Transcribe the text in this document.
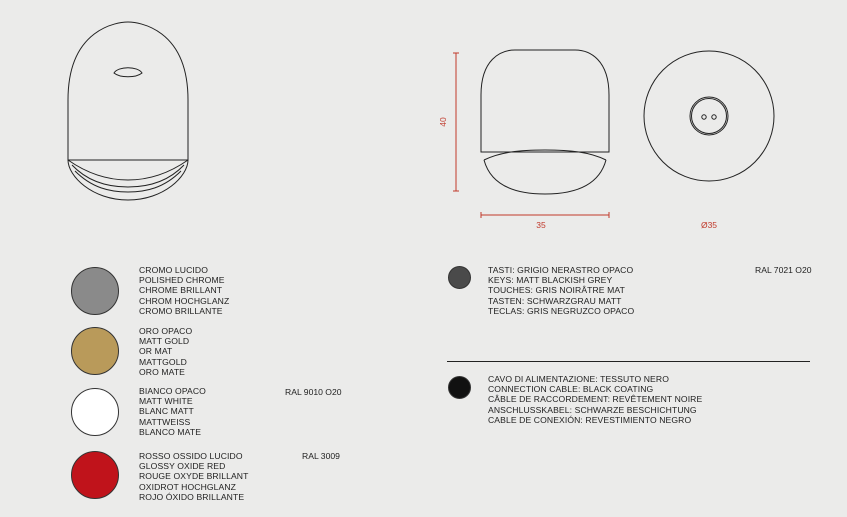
40
35	Ø35
CROMO LUCIDO
POLISHED CHROME
CHROME BRILLANT
CHROM HOCHGLANZ
CROMO BRILLANTE
ORO OPACO
MATT GOLD
OR MAT
MATTGOLD
ORO MATE
BIANCO OPACO
MATT WHITE
BLANC MATT
MATTWEISS
BLANCO MATE
RAL 9010 O20
ROSSO OSSIDO LUCIDO
GLOSSY OXIDE RED
ROUGE OXYDE BRILLANT
OXIDROT HOCHGLANZ
ROJO ÓXIDO BRILLANTE
RAL 3009
TASTI: GRIGIO NERASTRO OPACO
KEYS: MATT BLACKISH GREY
TOUCHES: GRIS NOIRÂTRE MAT
TASTEN: SCHWARZGRAU MATT
TECLAS: GRIS NEGRUZCO OPACO
RAL 7021 O20
CAVO DI ALIMENTAZIONE: TESSUTO NERO
CONNECTION CABLE: BLACK COATING
CÂBLE DE RACCORDEMENT: REVÊTEMENT NOIRE
ANSCHLUSSKABEL: SCHWARZE BESCHICHTUNG
CABLE DE CONEXIÓN: REVESTIMIENTO NEGRO
